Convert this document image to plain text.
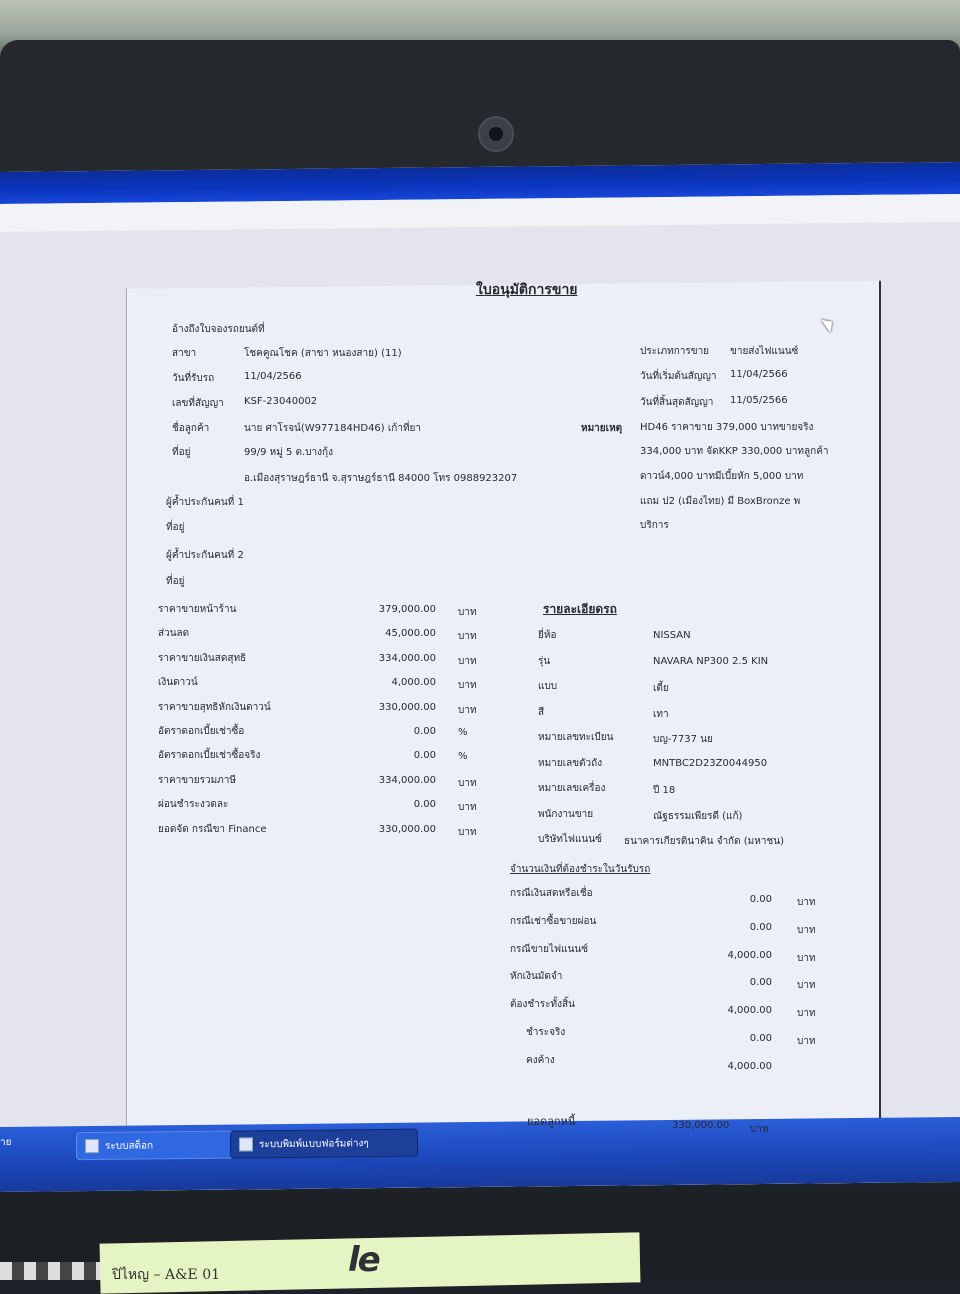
าย	ระบบสต็อก	ระบบพิมพ์แบบฟอร์มต่างๆ
ใบอนุมัติการขาย
อ้างถึงใบจองรถยนต์ที่
สาขา	โชคคูณโชค (สาขา หนองสาย) (11)
วันที่รับรถ	11/04/2566
เลขที่สัญญา KSF-23040002
ชื่อลูกค้า	นาย ศาโรจน์(W977184HD46) เก้าที่ยา
ที่อยู่	99/9 หมู่ 5 ต.บางกุ้ง
อ.เมืองสุราษฎร์ธานี จ.สุราษฎร์ธานี 84000 โทร 0988923207
ผู้ค้ำประกันคนที่ 1
ที่อยู่
ผู้ค้ำประกันคนที่ 2
ที่อยู่
ประเภทการขาย ขายส่งไฟแนนซ์
วันที่เริ่มต้นสัญญา 11/04/2566
วันที่สิ้นสุดสัญญา 11/05/2566
หมายเหตุ HD46 ราคาขาย 379,000 บาทขายจริง
334,000 บาท จัดKKP 330,000 บาทลูกค้า
ดาวน์4,000 บาทมีเบี้ยหัก 5,000 บาท
แถม ป2 (เมืองไทย) มี BoxBronze พ
บริการ
ราคาขายหน้าร้าน	379,000.00 บาท
ส่วนลด	45,000.00 บาท
ราคาขายเงินสดสุทธิ	334,000.00 บาท
เงินดาวน์	4,000.00 บาท
ราคาขายสุทธิหักเงินดาวน์	330,000.00 บาท
อัตราดอกเบี้ยเช่าซื้อ	0.00 %
อัตราดอกเบี้ยเช่าซื้อจริง	0.00 %
ราคาขายรวมภาษี	334,000.00 บาท
ผ่อนชำระงวดละ	0.00 บาท
ยอดจัด กรณีขา Finance	330,000.00 บาท
รายละเอียดรถ
ยี่ห้อ	NISSAN
รุ่น	NAVARA NP300 2.5 KIN
แบบ	เตี้ย
สี	เทา
หมายเลขทะเบียน	บญ-7737 นย
หมายเลขตัวถัง	MNTBC2D23Z0044950
หมายเลขเครื่อง	ปี 18
พนักงานขาย	ณัฐธรรมเพียรดี (แก้)
บริษัทไฟแนนซ์ ธนาคารเกียรตินาคิน จำกัด (มหาชน)
จำนวนเงินที่ต้องชำระในวันรับรถ
กรณีเงินสดหรือเชื่อ
0.00	บาท
กรณีเช่าซื้อขายผ่อน
0.00	บาท
กรณีขายไฟแนนซ์
4,000.00	บาท
หักเงินมัดจำ
0.00	บาท
ต้องชำระทั้งสิ้น
4,000.00	บาท
ชำระจริง
0.00	บาท
คงค้าง
4,000.00
ยอดลูกหนี้	330,000.00 บาท
ปิไหญ – A&E 01	le
